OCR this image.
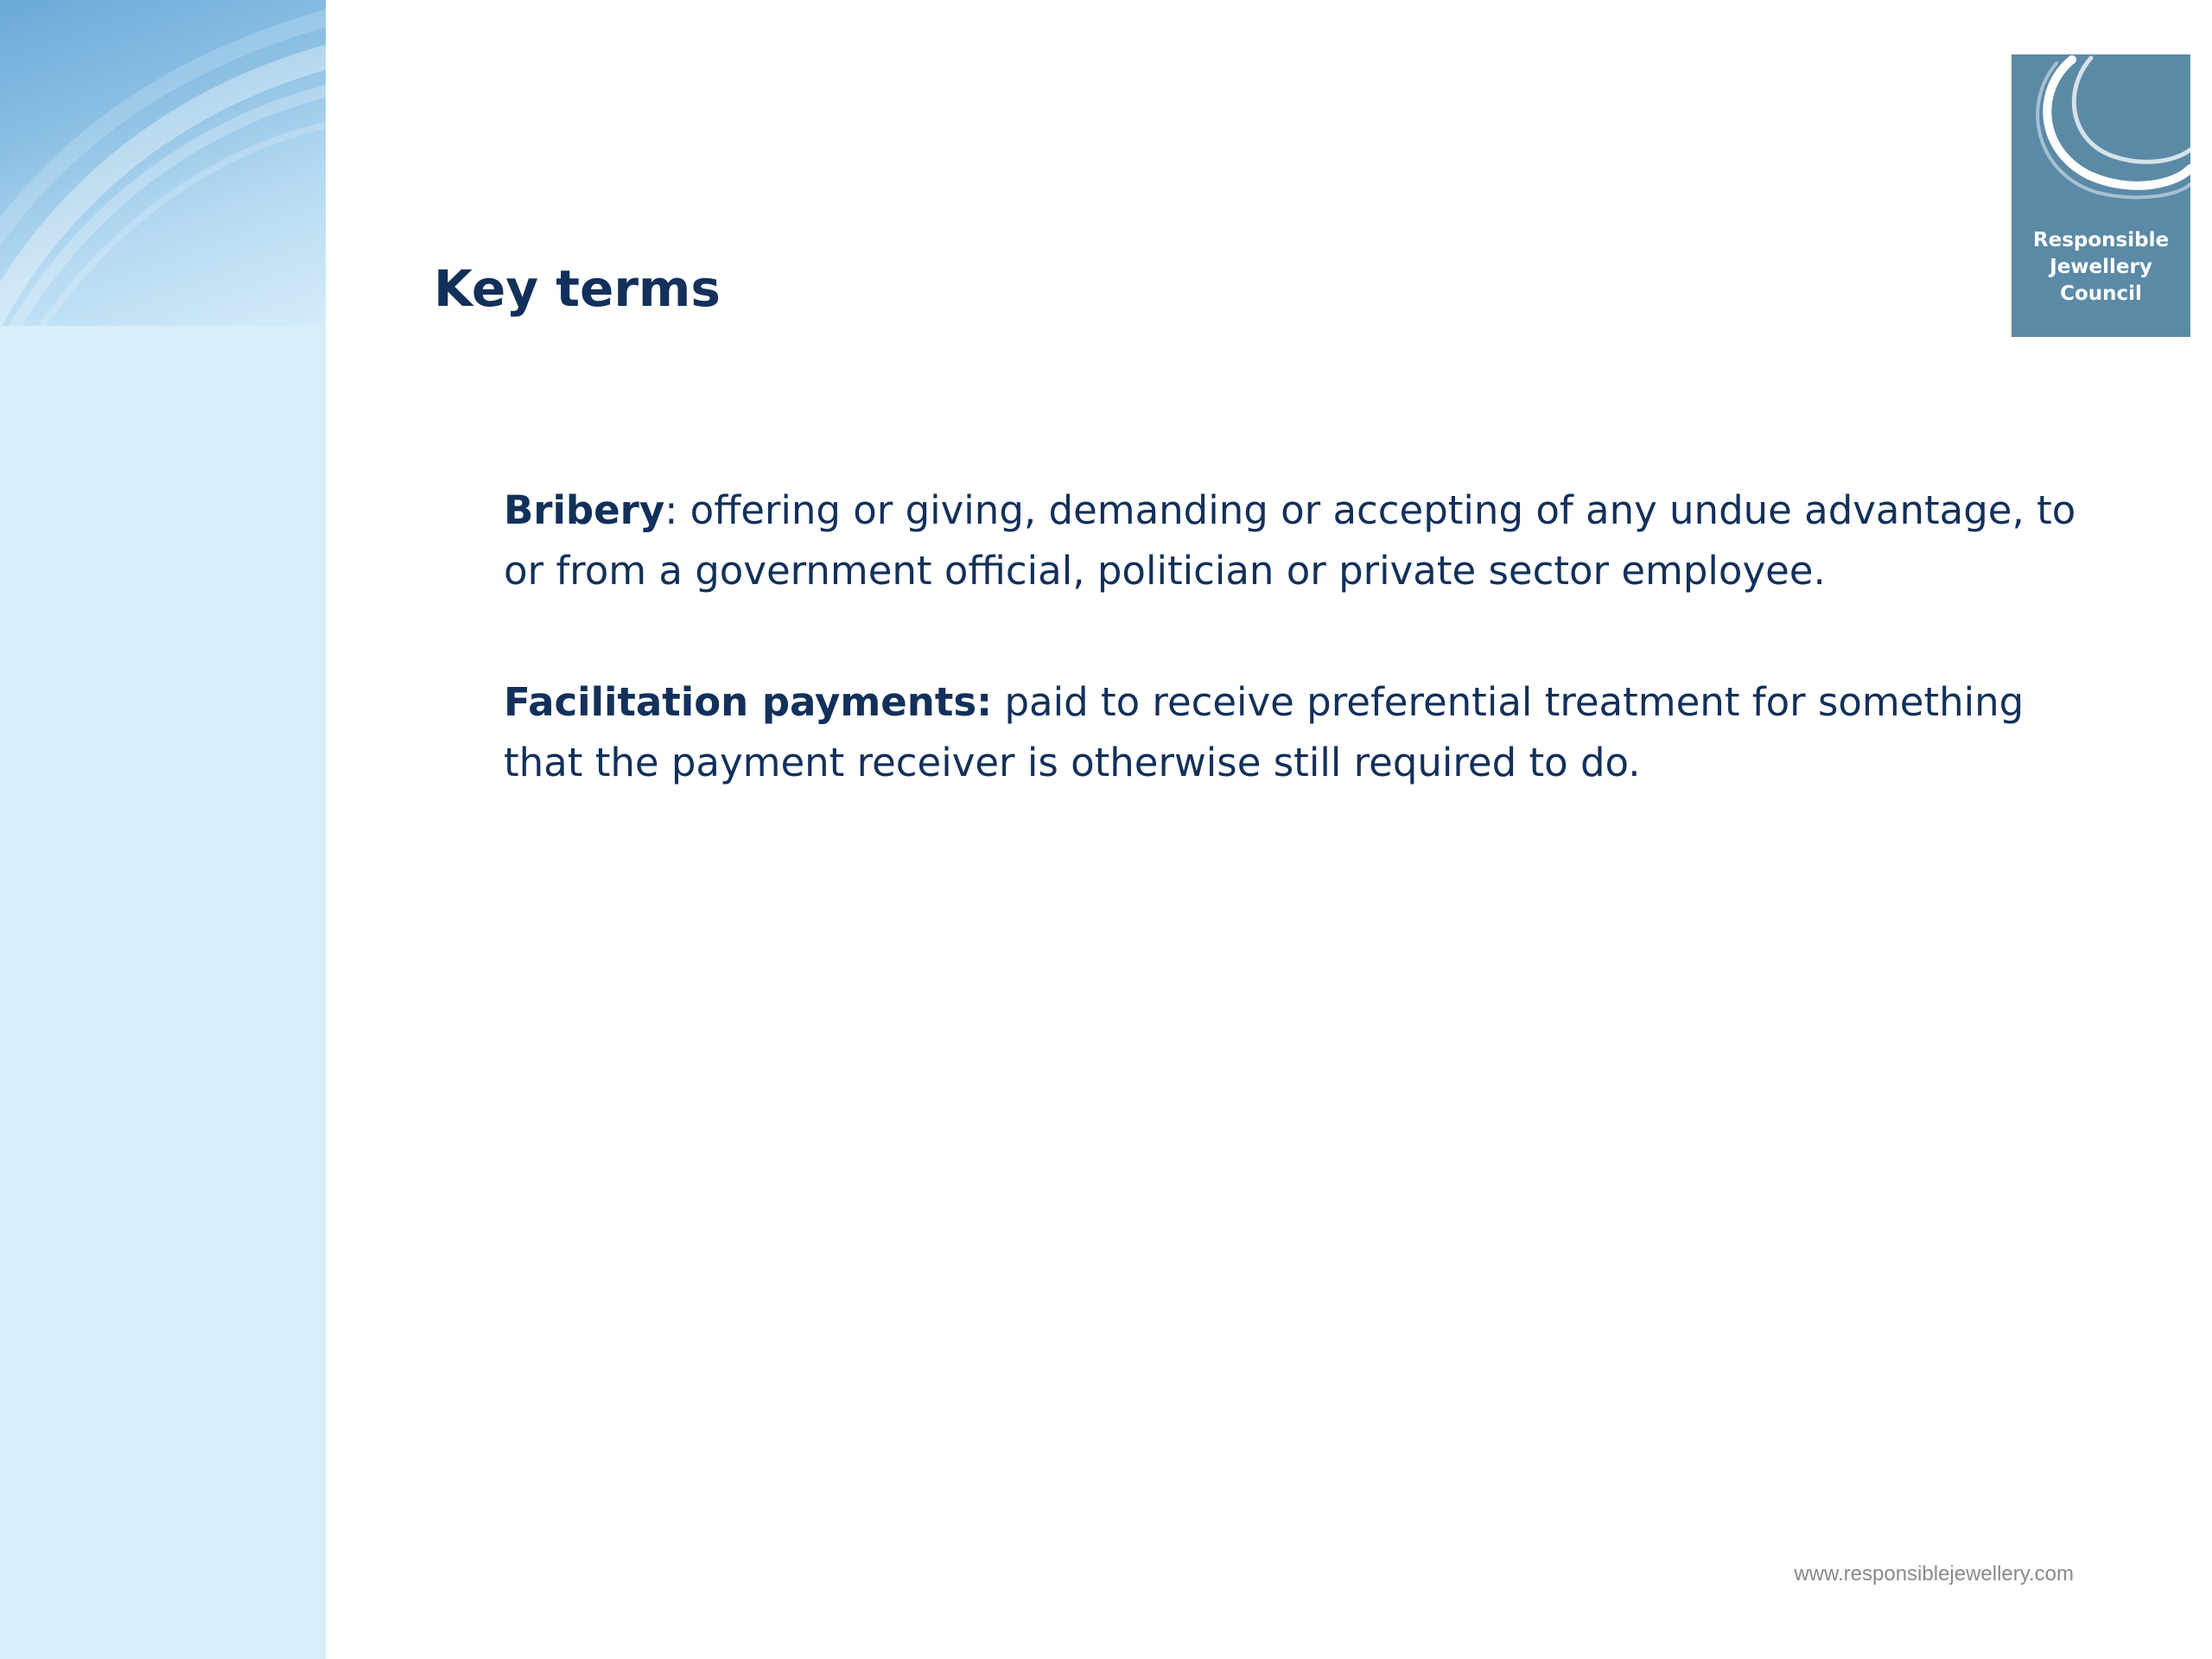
Key terms
Responsible
Jewellery
Council

Bribery: offering or giving, demanding or accepting of any undue advantage, to or from a government official, politician or private sector employee.

Facilitation payments: paid to receive preferential treatment for something that the payment receiver is otherwise still required to do.

www.responsiblejewellery.com
